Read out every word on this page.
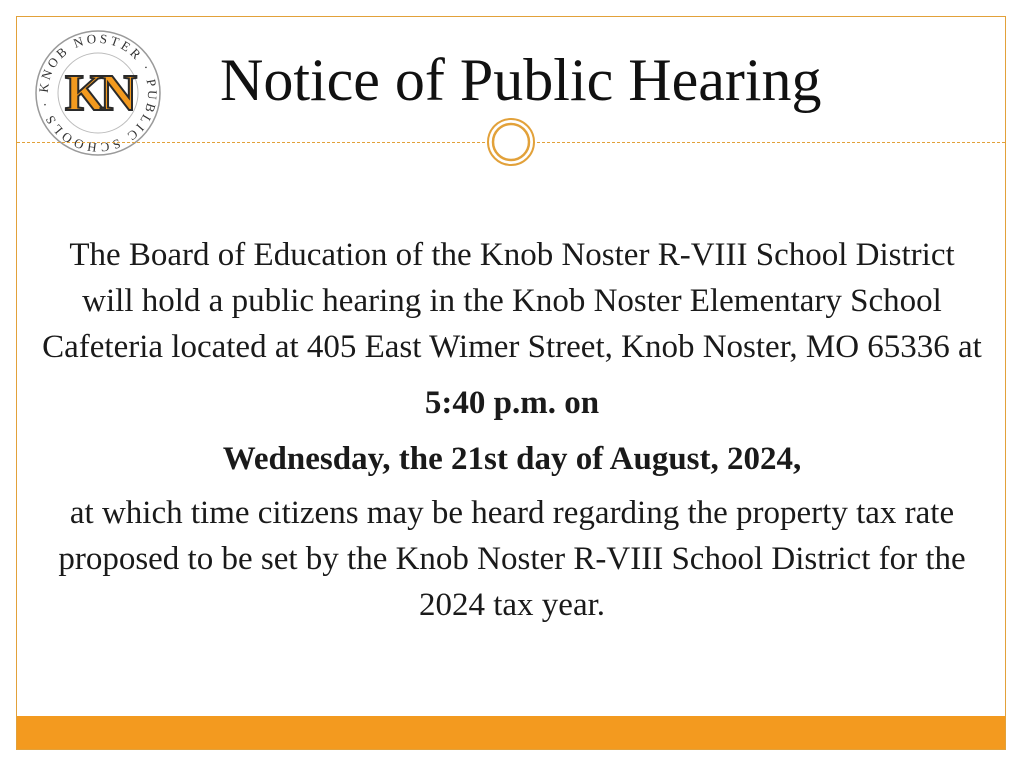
KNOB NOSTER · PUBLIC SCHOOLS · KN Notice of Public Hearing

The Board of Education of the Knob Noster R-VIII School District will hold a public hearing in the Knob Noster Elementary School Cafeteria located at 405 East Wimer Street, Knob Noster, MO 65336 at

5:40 p.m. on

Wednesday, the 21st day of August, 2024,

at which time citizens may be heard regarding the property tax rate proposed to be set by the Knob Noster R-VIII School District for the 2024 tax year.
